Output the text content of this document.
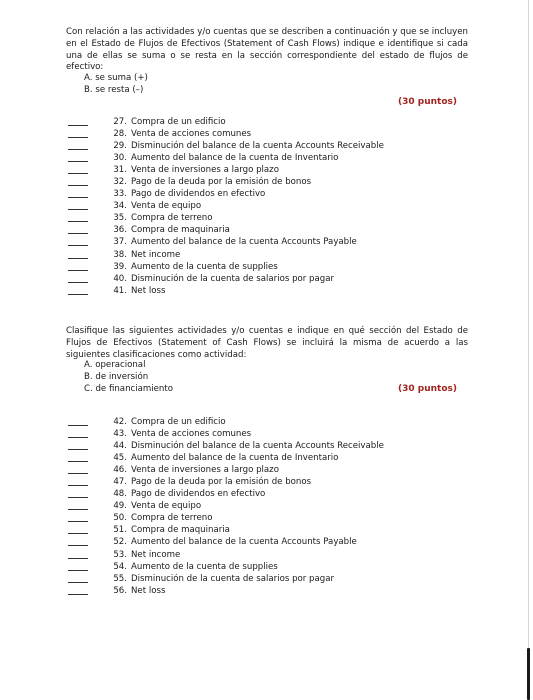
Con relación a las actividades y/o cuentas que se describen a continuación y que se incluyen en el Estado de Flujos de Efectivos (Statement of Cash Flows) indique e identifique si cada una de ellas se suma o se resta en la sección correspondiente del estado de flujos de efectivo:
A. se suma (+)
B. se resta (–)
(30 puntos)
27. Compra de un edificio
28. Venta de acciones comunes
29. Disminución del balance de la cuenta Accounts Receivable
30. Aumento del balance de la cuenta de Inventario
31. Venta de inversiones a largo plazo
32. Pago de la deuda por la emisión de bonos
33. Pago de dividendos en efectivo
34. Venta de equipo
35. Compra de terreno
36. Compra de maquinaria
37. Aumento del balance de la cuenta Accounts Payable
38. Net income
39. Aumento de la cuenta de supplies
40. Disminución de la cuenta de salarios por pagar
41. Net loss
Clasifique las siguientes actividades y/o cuentas e indique en qué sección del Estado de Flujos de Efectivos (Statement of Cash Flows) se incluirá la misma de acuerdo a las siguientes clasificaciones como actividad:
A. operacional
B. de inversión
C. de financiamiento	(30 puntos)
42. Compra de un edificio
43. Venta de acciones comunes
44. Disminución del balance de la cuenta Accounts Receivable
45. Aumento del balance de la cuenta de Inventario
46. Venta de inversiones a largo plazo
47. Pago de la deuda por la emisión de bonos
48. Pago de dividendos en efectivo
49. Venta de equipo
50. Compra de terreno
51. Compra de maquinaria
52. Aumento del balance de la cuenta Accounts Payable
53. Net income
54. Aumento de la cuenta de supplies
55. Disminución de la cuenta de salarios por pagar
56. Net loss
